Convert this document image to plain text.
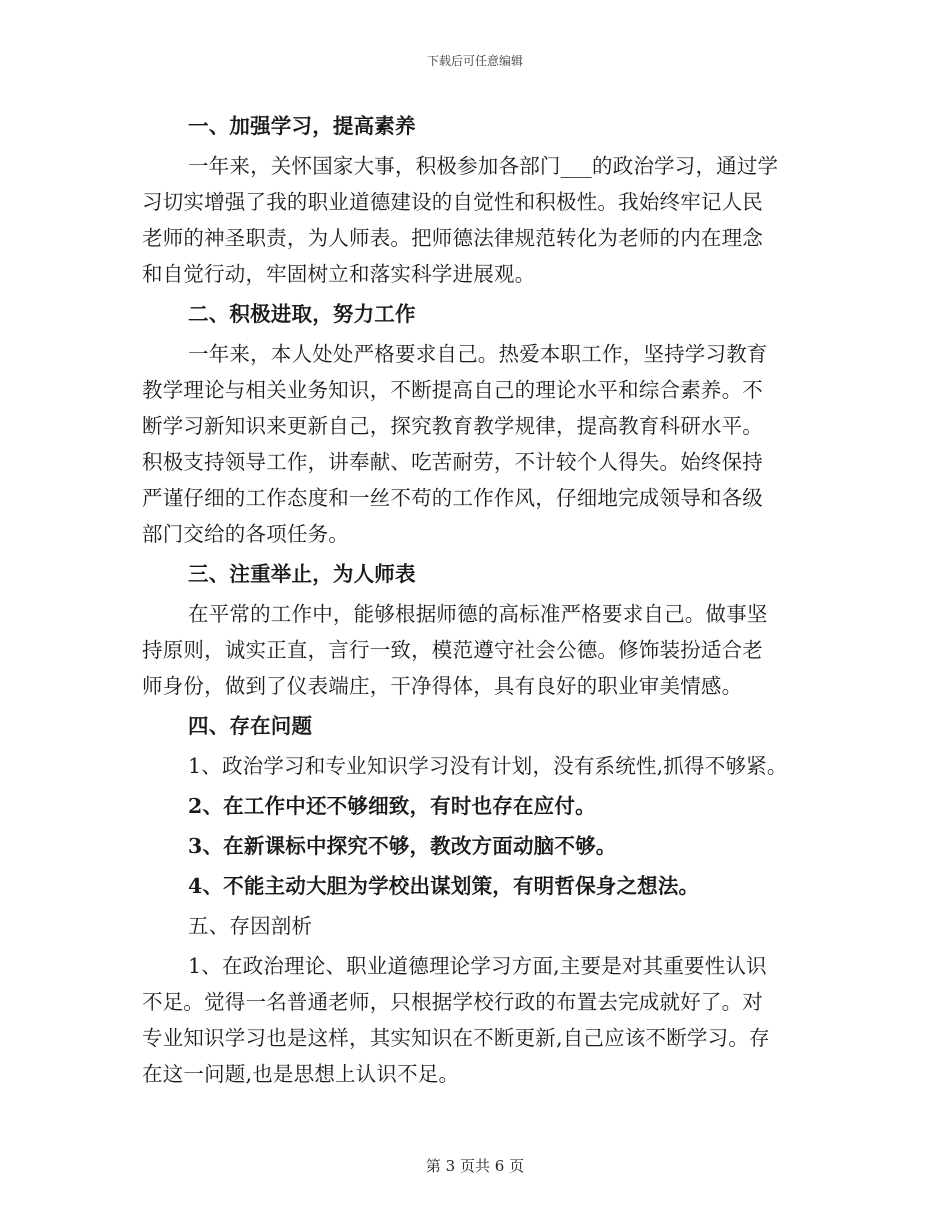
下载后可任意编辑
一、加强学习，提高素养
一年来，关怀国家大事，积极参加各部门___的政治学习，通过学
习切实增强了我的职业道德建设的自觉性和积极性。我始终牢记人民
老师的神圣职责，为人师表。把师德法律规范转化为老师的内在理念
和自觉行动，牢固树立和落实科学进展观。
二、积极进取，努力工作
一年来，本人处处严格要求自己。热爱本职工作，坚持学习教育
教学理论与相关业务知识，不断提高自己的理论水平和综合素养。不
断学习新知识来更新自己，探究教育教学规律，提高教育科研水平。
积极支持领导工作，讲奉献、吃苦耐劳，不计较个人得失。始终保持
严谨仔细的工作态度和一丝不苟的工作作风，仔细地完成领导和各级
部门交给的各项任务。
三、注重举止，为人师表
在平常的工作中，能够根据师德的高标准严格要求自己。做事坚
持原则，诚实正直，言行一致，模范遵守社会公德。修饰装扮适合老
师身份，做到了仪表端庄，干净得体，具有良好的职业审美情感。
四、存在问题
1、政治学习和专业知识学习没有计划，没有系统性,抓得不够紧。
2、在工作中还不够细致，有时也存在应付。
3、在新课标中探究不够，教改方面动脑不够。
4、不能主动大胆为学校出谋划策，有明哲保身之想法。
五、存因剖析
1、在政治理论、职业道德理论学习方面,主要是对其重要性认识
不足。觉得一名普通老师，只根据学校行政的布置去完成就好了。对
专业知识学习也是这样，其实知识在不断更新,自己应该不断学习。存
在这一问题,也是思想上认识不足。
第 3 页共 6 页
